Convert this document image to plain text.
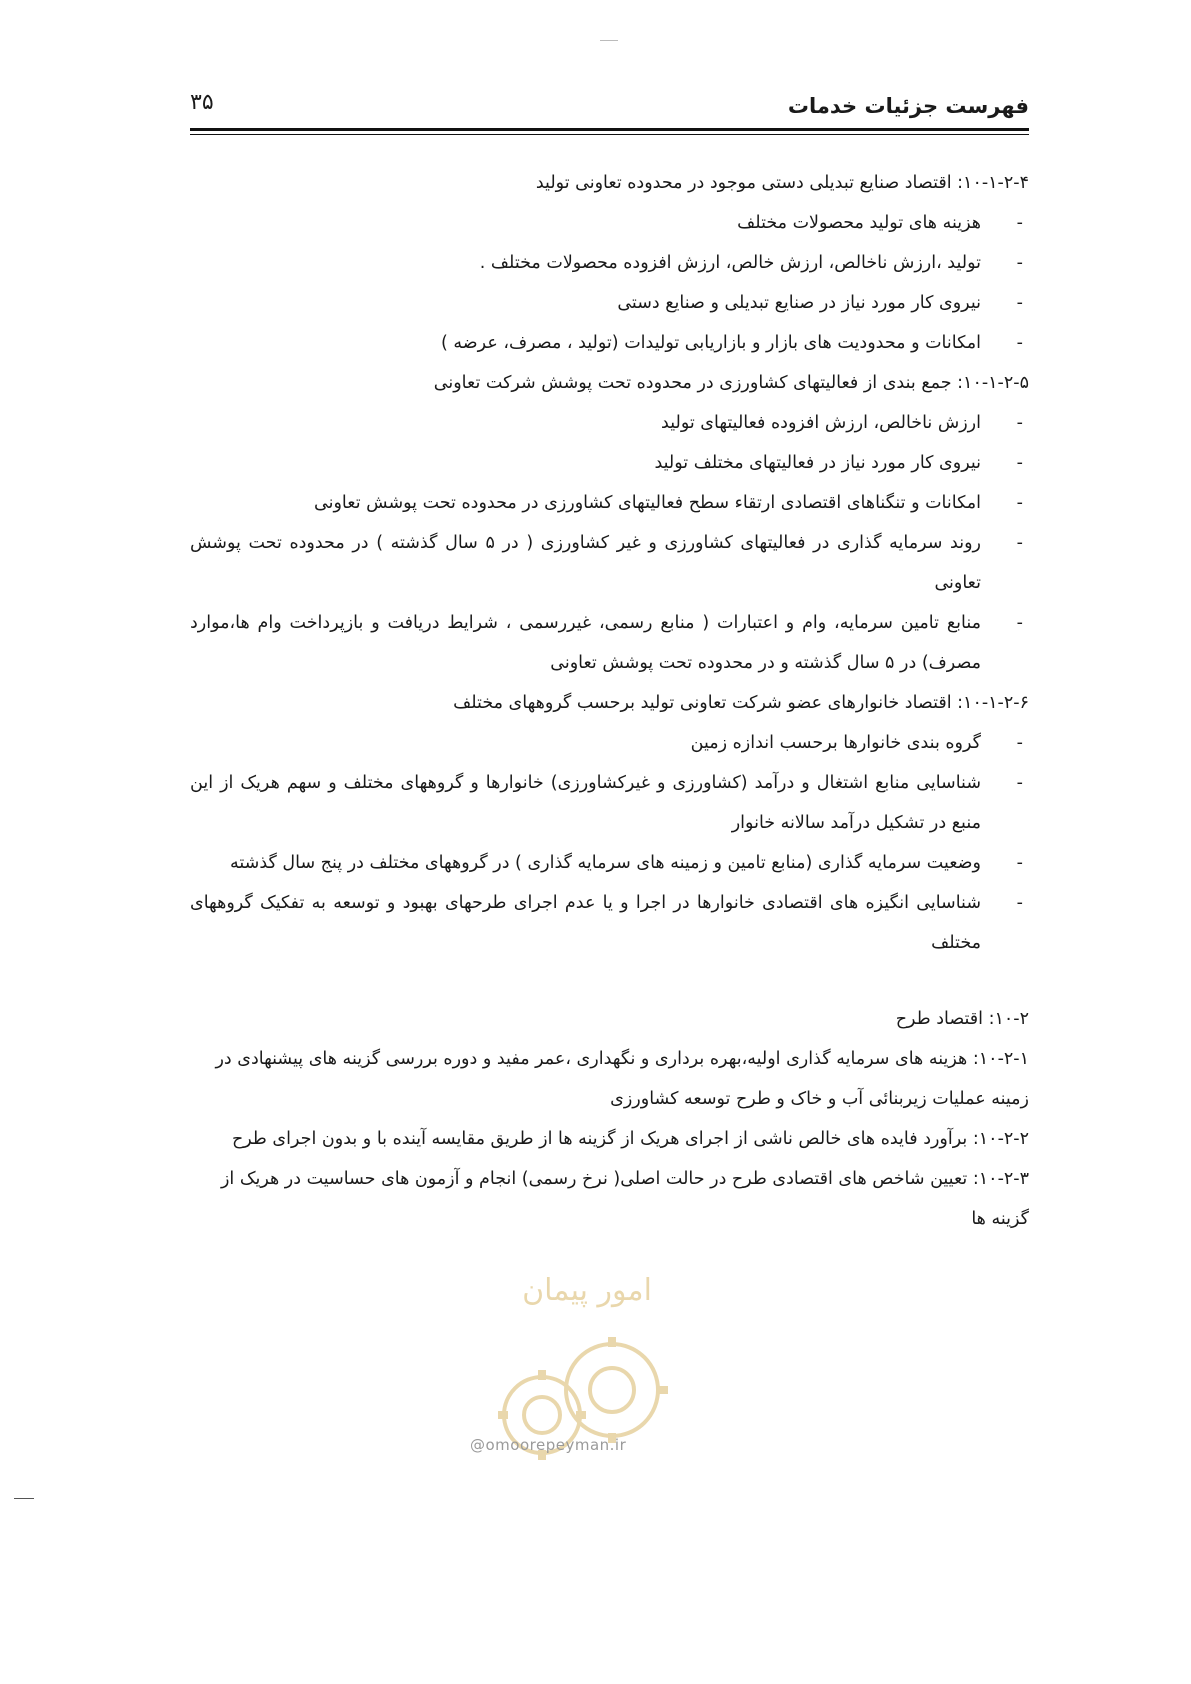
فهرست جزئیات خدمات
۳۵

۱۰-۱-۲-۴: اقتصاد صنایع تبدیلی دستی موجود در محدوده تعاونی تولید

-
هزینه های تولید محصولات مختلف
-
تولید ،ارزش ناخالص، ارزش خالص، ارزش افزوده محصولات مختلف .
-
نیروی کار مورد نیاز در صنایع تبدیلی و صنایع دستی
-
امکانات و محدودیت های بازار و بازاریابی تولیدات (تولید ، مصرف، عرضه )

۱۰-۱-۲-۵: جمع بندی از فعالیتهای کشاورزی در محدوده تحت پوشش شرکت تعاونی

-
ارزش ناخالص، ارزش افزوده فعالیتهای تولید
-
نیروی کار مورد نیاز در فعالیتهای مختلف تولید
-
امکانات و تنگناهای اقتصادی ارتقاء سطح فعالیتهای کشاورزی در محدوده تحت پوشش تعاونی
-
روند سرمایه گذاری در فعالیتهای کشاورزی و غیر کشاورزی ( در ۵ سال گذشته ) در محدوده تحت پوشش تعاونی
-
منابع تامین سرمایه، وام و اعتبارات ( منابع رسمی، غیررسمی ، شرایط دریافت و بازپرداخت وام ها،موارد مصرف) در ۵ سال گذشته و در محدوده تحت پوشش تعاونی

۱۰-۱-۲-۶: اقتصاد خانوارهای عضو شرکت تعاونی تولید برحسب گروههای مختلف

-
گروه بندی خانوارها برحسب اندازه زمین
-
شناسایی منابع اشتغال و درآمد (کشاورزی و غیرکشاورزی) خانوارها و گروههای مختلف و سهم هریک از این منبع در تشکیل درآمد سالانه خانوار
-
وضعیت سرمایه گذاری (منابع تامین و زمینه های سرمایه گذاری ) در گروههای مختلف در پنج سال گذشته
-
شناسایی انگیزه های اقتصادی خانوارها در اجرا و یا عدم اجرای طرحهای بهبود و توسعه به تفکیک گروههای مختلف

۱۰-۲: اقتصاد طرح

۱۰-۲-۱: هزینه های سرمایه گذاری اولیه،بهره برداری و نگهداری ،عمر مفید و دوره بررسی گزینه های پیشنهادی در زمینه عملیات زیربنائی آب و خاک و طرح توسعه کشاورزی

۱۰-۲-۲: برآورد فایده های خالص ناشی از اجرای هریک از گزینه ها از طریق مقایسه آینده با و بدون اجرای طرح

۱۰-۲-۳: تعیین شاخص های اقتصادی طرح در حالت اصلی( نرخ رسمی) انجام و آزمون های حساسیت در هریک از گزینه ها

امور پیمان
@omoorepeyman.ir
